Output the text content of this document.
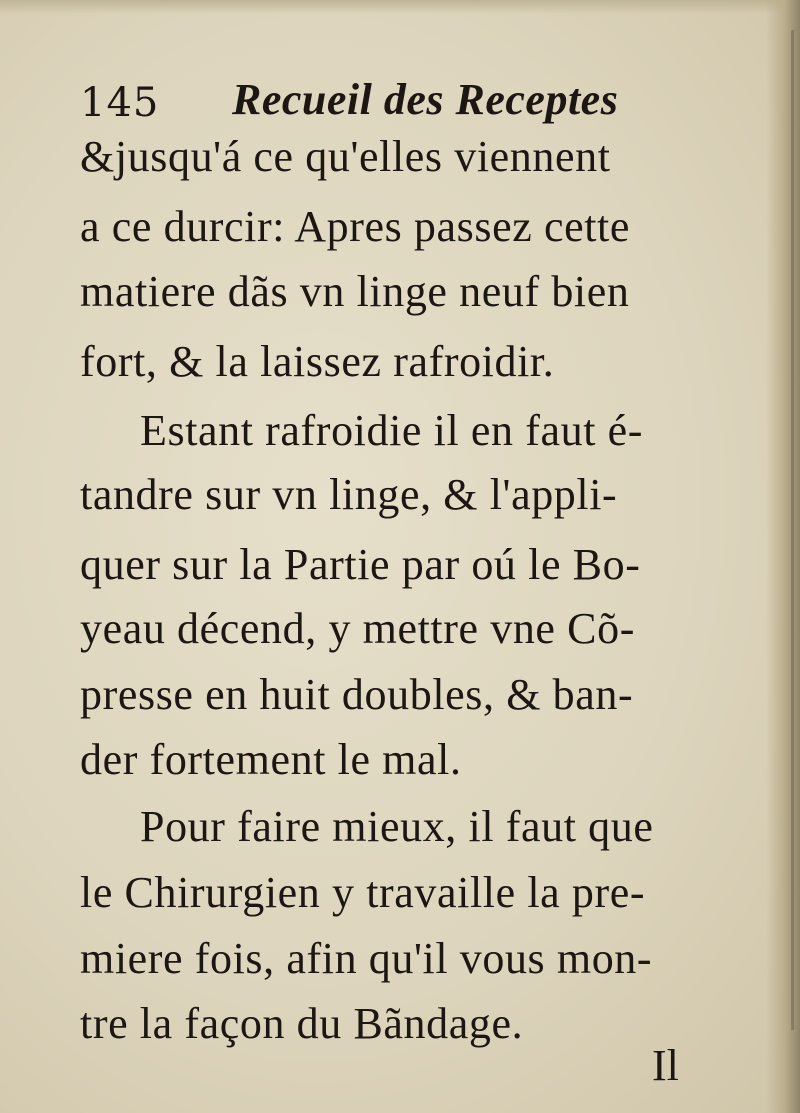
145 Recueil des Receptes
&jusqu'á ce qu'elles viennent
a ce durcir: Apres passez cette
matiere dãs vn linge neuf bien
fort, & la laissez rafroidir.
Estant rafroidie il en faut é-
tandre sur vn linge, & l'appli-
quer sur la Partie par oú le Bo-
yeau décend, y mettre vne Cõ-
presse en huit doubles, & ban-
der fortement le mal.
Pour faire mieux, il faut que
le Chirurgien y travaille la pre-
miere fois, afin qu'il vous mon-
tre la façon du Bãndage.
Il
